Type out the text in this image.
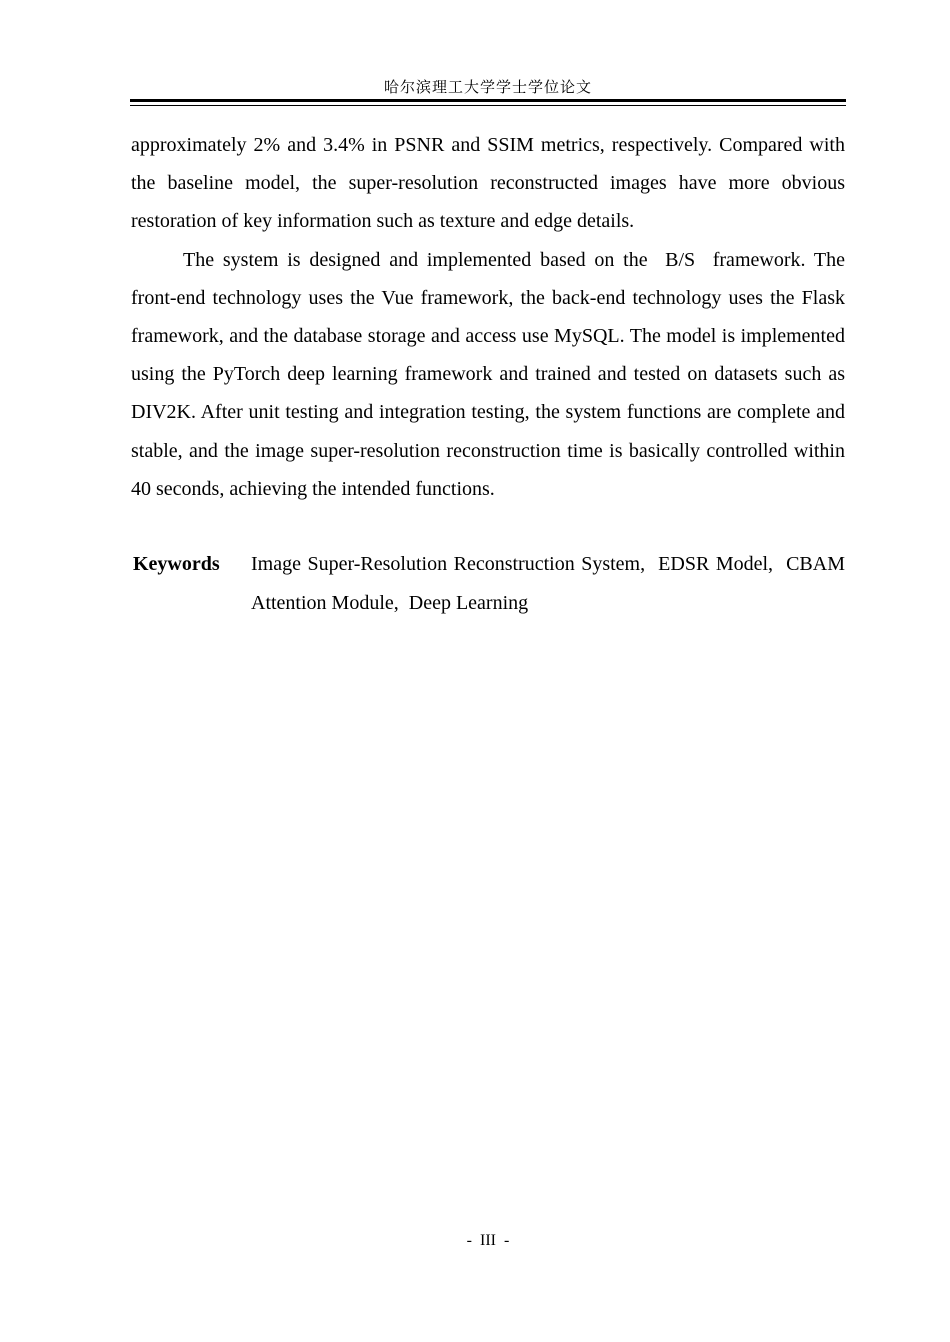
哈尔滨理工大学学士学位论文

approximately 2% and 3.4% in PSNR and SSIM metrics, respectively. Compared with the baseline model, the super-resolution reconstructed images have more obvious restoration of key information such as texture and edge details.

The system is designed and implemented based on the  B/S  framework. The front-end technology uses the Vue framework, the back-end technology uses the Flask framework, and the database storage and access use MySQL. The model is implemented using the PyTorch deep learning framework and trained and tested on datasets such as DIV2K. After unit testing and integration testing, the system functions are complete and stable, and the image super-resolution reconstruction time is basically controlled within 40 seconds, achieving the intended functions.

Keywords Image Super-Resolution Reconstruction System,  EDSR Model,  CBAM Attention Module,  Deep Learning

- III -
